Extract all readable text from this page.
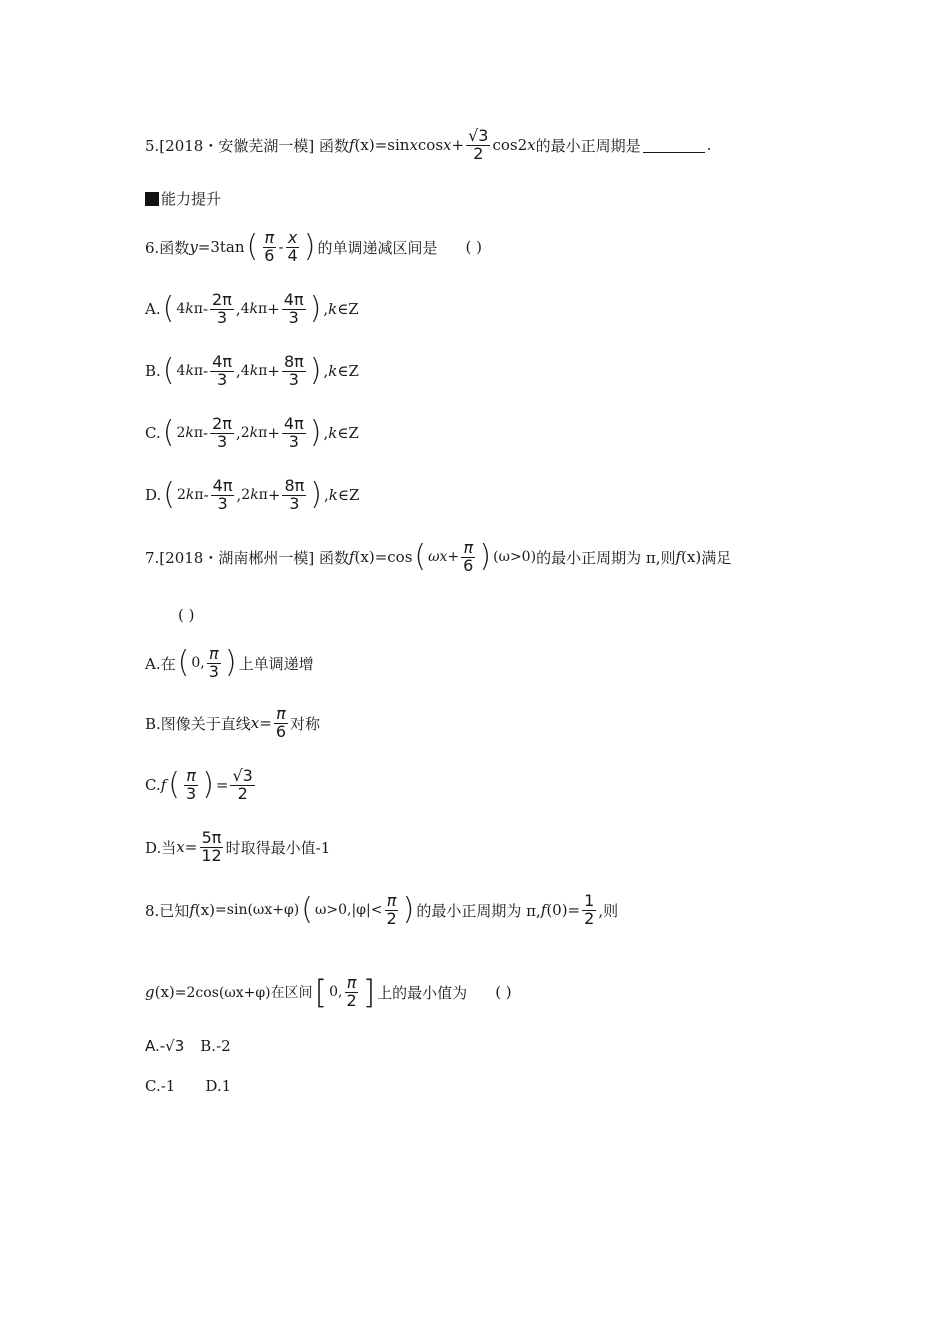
5.[2018・安徽芜湖一模] 函数 f (x) =sin x $\cos x + \frac{√3}{2} \cos 2$ x 的最小正周期是	.
能力提升
6.函数 y =3tan ( $\frac{\pi}{6} - \frac{x}{4}$ ) 的单调递减区间是 ( )
A. ( 4 k π - $\frac{2\pi}{3}$ , 4 k $\pi + \frac{4\pi}{3}$ ) , k ∈Z
B. ( 4 k π - $\frac{4\pi}{3}$ , 4 k $\pi + \frac{8\pi}{3}$ ) , k ∈Z
C. ( 2 k π - $\frac{2\pi}{3}$ , 2 k $\pi + \frac{4\pi}{3}$ ) , k ∈Z
D. ( 2 k π - $\frac{4\pi}{3}$ , 2 k $\pi + \frac{8\pi}{3}$ ) , k ∈Z
7.[2018・湖南郴州一模] 函数 f (x) =cos ( $\omega x+ \frac{\pi}{6}$ ) (ω>0) 的最小正周期为 π,则 f (x) 满足
( )
A.在 ( 0, $\frac{\pi}{3}$ ) 上单调递增
B.图像关于直线 $x = \frac{\pi}{6}$ 对称
C. f ( $\frac{\pi}{3}$ ) = $\frac{√3}{2}$
D.当 $x = \frac{5\pi}{12}$ 时取得最小值-1
8.已知 f (x) =sin(ωx+φ) ( $\omega>0,|\varphi|< \frac{\pi}{2}$ ) 的最小正周期为 π, f $(0)= \frac{1}{2}$ ,则
g (x) =2cos(ωx+φ)在区间 [ 0, $\frac{\pi}{2}$ ] 上的最小值为 ( )
A.-√3 B.-2
C.-1 D.1
